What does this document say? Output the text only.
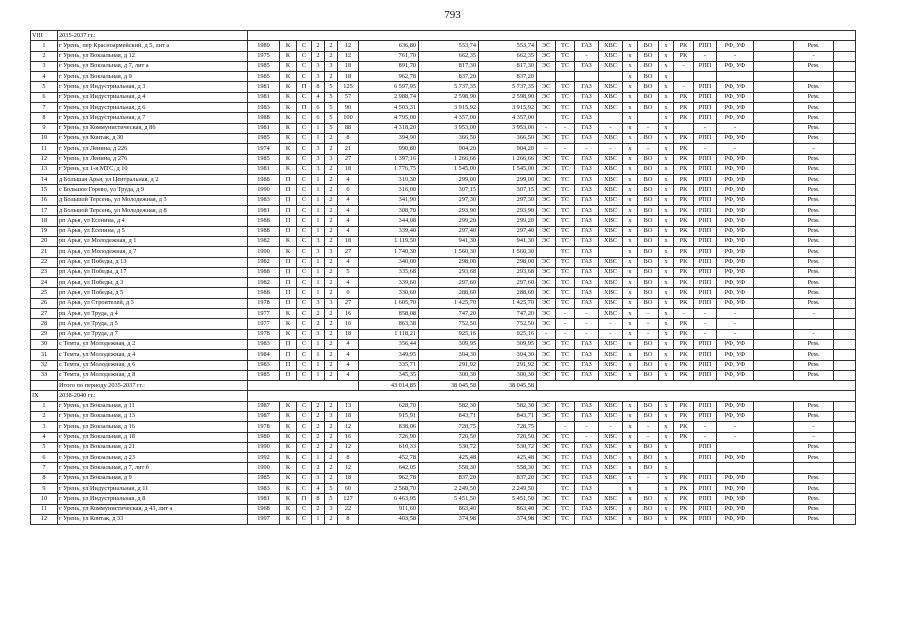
793
VIII	2035-2037 гг.:																						
1	г Урень, пер Красноармейский, д 5, лит а	1989	К	С	2	2	12	636,80	553,74	553,74	ЭС	ТС	ГАЗ	ХВС	х	ВО	х	РК	РПП	РФ, УФ		Рем.	
2	г Урень, ул Вокзальная, д 12	1975	К	С	2	2	12	761,70	662,35	662,35	ЭС	ТС	-	ХВС	х	ВО	х	РК	-	-		-	
3	г Урень, ул Вокзальная, д 7, лит а	1985	К	С	3	3	18	891,70	817,30	817,30	ЭС	ТС	ГАЗ	ХВС	х	ВО	х	-	РПП	РФ, УФ		Рем.	
4	г Урень, ул Вокзальная, д 9	1985	К	С	3	2	18	962,78	837,20	837,20					х	ВО	х						
5	г Урень, ул Индустриальная, д 3	1981	К	П	8	5	125	6 597,95	5 737,35	5 737,35	ЭС	ТС	ГАЗ	ХВС	х	ВО	х	-	РПП	РФ, УФ		Рем.	
6	г Урень, ул Индустриальная, д 4	1981	К	С	4	5	57	2 988,74	2 598,90	2 598,90	ЭС	ТС	ГАЗ	ХВС	х	ВО	х	РК	РПП	РФ, УФ		Рем.	
7	г Урень, ул Индустриальная, д 6	1983	К	П	6	5	90	4 503,31	3 915,92	3 915,92	ЭС	ТС	ГАЗ	ХВС	х	ВО	х	РК	РПП	РФ, УФ		Рем.	
8	г Урень, ул Индустриальная, д 7	1988	К	С	6	5	100	4 795,00	4 357,00	4 357,00		ТС	ГАЗ		х		х	РК	РПП	РФ, УФ		Рем.	
9	г Урень, ул Коммунистическая, д 86	1981	К	С	1	5	88	4 318,20	3 953,00	3 953,00	-	-	ГАЗ	-	х	-	х		-	-		Рем.	
10	г Урень, ул Контак, д 30	1985	К	С	1	2	8	394,90	366,50	366,50	ЭС	ТС	ГАЗ	ХВС	х	ВО	х	РК	РПП	РФ, УФ		Рем.	
11	г Урень, ул Ленина, д 226	1974	К	С	3	2	21	990,80	904,20	904,20	-	-	-	-	х	-	х	РК	-	-		-	
12	г Урень, ул Ленина, д 276	1985	К	С	3	3	27	1 397,16	1 266,66	1 266,66	ЭС	ТС	ГАЗ	ХВС	х	ВО	х	РК	РПП	РФ, УФ		Рем.	
13	г Урень, ул 1-я МТС, д 10	1981	К	С	3	2	18	1 776,75	1 545,00	1 545,00	ЭС	ТС	ГАЗ	ХВС	х	ВО	х	РК	РПП	РФ, УФ		Рем.	
14	д Большая Арья, ул Центральная, д 2	1988	П	С	1	2	4	310,30	299,00	299,00	ЭС	ТС	ГАЗ	ХВС	х	ВО	х	РК	РПП	РФ, УФ		Рем.	
15	с Большое Горево, ул Труда, д 9	1990	П	С	1	2	6	316,00	307,15	307,15	ЭС	ТС	ГАЗ	ХВС	х	ВО	х	РК	РПП	РФ, УФ		Рем.	
16	д Большой Терсень, ул Молодежная, д 3	1983	П	С	1	2	4	341,90	297,30	297,30	ЭС	ТС	ГАЗ	ХВС	х	ВО	х	РК	РПП	РФ, УФ		Рем.	
17	д Большой Терсень, ул Молодежная, д 8	1981	П	С	1	2	4	308,70	293,90	293,90	ЭС	ТС	ГАЗ	ХВС	х	ВО	х	РК	РПП	РФ, УФ		Рем.	
18	рп Арья, ул Есенина, д 4	1988	П	С	1	2	4	344,08	299,20	299,20	ЭС	ТС	ГАЗ	ХВС	х	ВО	х	РК	РПП	РФ, УФ		Рем.	
19	рп Арья, ул Есенина, д 5	1988	П	С	1	2	4	339,40	297,40	297,40	ЭС	ТС	ГАЗ	ХВС	х	ВО	х	РК	РПП	РФ, УФ		Рем.	
20	рп Арья, ул Молодежная, д 1	1982	К	С	3	2	18	1 119,50	941,30	941,30	ЭС	ТС	ГАЗ	ХВС	х	ВО	х	РК	РПП	РФ, УФ		Рем.	
21	рп Арья, ул Молодежная, д 7	1990	К	С	3	3	27	1 740,30	1 560,30	1 560,30		ТС	ГАЗ		х	ВО	х	РК	РПП	РФ, УФ		Рем.	
22	рп Арья, ул Победы, д 13	1982	П	С	1	2	4	340,00	298,00	298,00	ЭС	ТС	ГАЗ	ХВС	х	ВО	х	РК	РПП	РФ, УФ		Рем.	
23	рп Арья, ул Победы, д 17	1988	П	С	1	2	5	335,68	293,68	293,68	ЭС	ТС	ГАЗ	ХВС	х	ВО	х	РК	РПП	РФ, УФ		Рем.	
24	рп Арья, ул Победы, д 3	1982	П	С	1	2	4	339,60	297,60	297,60	ЭС	ТС	ГАЗ	ХВС	х	ВО	х	РК	РПП	РФ, УФ		Рем.	
25	рп Арья, ул Победы, д 5	1988	П	С	1	2	6	330,60	288,60	288,60	ЭС	ТС	ГАЗ	ХВС	х	ВО	х	РК	РПП	РФ, УФ		Рем.	
26	рп Арья, ул Строителей, д 3	1978	П	С	3	3	27	1 605,70	1 425,70	1 425,70	ЭС	ТС	ГАЗ	ХВС	х	ВО	х	РК	РПП	РФ, УФ		Рем.	
27	рп Арья, ул Труда, д 4	1977	К	С	2	2	16	858,08	747,20	747,20	ЭС	-	-	ХВС	х	-	х	-	-	-		-	
28	рп Арья, ул Труда, д 5	1977	К	С	2	2	16	863,38	752,50	752,50	ЭС	-	-	-	х	-	х	РК	-	-			
29	рп Арья, ул Труда, д 7	1978	К	С	3	2	18	1 118,21	925,16	925,16	-	-	-	-	х	-	х	РК	-	-		-	
30	с Темта, ул Молодежная, д 2	1983	П	С	1	2	4	356,44	309,95	309,95	ЭС	ТС	ГАЗ	ХВС	х	ВО	х	РК	РПП	РФ, УФ		Рем.	
31	с Темта, ул Молодежная, д 4	1984	П	С	1	2	4	349,95	304,30	304,30	ЭС	ТС	ГАЗ	ХВС	х	ВО	х	РК	РПП	РФ, УФ		Рем.	
32	с Темта, ул Молодежная, д 6	1983	П	С	1	2	4	335,71	291,92	291,92	ЭС	ТС	ГАЗ	ХВС	х	ВО	х	РК	РПП	РФ, УФ		Рем.	
33	с Темта, ул Молодежная, д 8	1985	П	С	1	2	4	345,35	300,30	300,30	ЭС	ТС	ГАЗ	ХВС	х	ВО	х	РК	РПП	РФ, УФ		Рем.	
	Итого по периоду 2035-2037 гг.:							43 014,85	38 045,58	38 045,58													
IX	2038-2040 гг.:																						
1	г Урень, ул Вокзальная, д 11	1987	К	С	2	2	13	628,70	582,30	582,30	ЭС	ТС	ГАЗ	ХВС	х	ВО	х	РК	РПП	РФ, УФ		Рем.	
2	г Урень, ул Вокзальная, д 13	1987	К	С	2	3	18	915,91	843,71	843,71	ЭС	ТС	ГАЗ	ХВС	х	ВО	х	РК	РПП	РФ, УФ		Рем.	
3	г Урень, ул Вокзальная, д 16	1978	К	С	2	2	12	838,06	728,75	728,75		-	-	-	х	-	х	РК	-	-		-	
4	г Урень, ул Вокзальная, д 18	1980	К	С	2	2	16	726,90	720,50	720,50	ЭС	ТС	-	ХВС	х	-	х	РК	-	-		-	
5	г Урень, ул Вокзальная, д 21	1990	К	С	2	2	12	610,33	530,72	530,72	ЭС	ТС	ГАЗ	ХВС	х	ВО	х		РПП			Рем.	
6	г Урень, ул Вокзальная, д 23	1992	К	С	1	2	8	452,78	425,48	425,48	ЭС	ТС	ГАЗ	ХВС	х	ВО	х		РПП	РФ, УФ		Рем.	
7	г Урень, ул Вокзальная, д 7, лит б	1990	К	С	2	2	12	642,05	558,30	558,30	ЭС	ТС	ГАЗ	ХВС	х	ВО	х						
8	г Урень, ул Вокзальная, д 9	1985	К	С	3	2	18	962,78	837,20	837,20	ЭС	ТС	ГАЗ	ХВС	х	-	х	РК	РПП	РФ, УФ		Рем.	
9	г Урень, ул Индустриальная, д 11	1983	К	С	4	5	60	2 568,70	2 249,50	2 249,50		ТС	ГАЗ		х		х	РК	РПП	РФ, УФ		Рем.	
10	г Урень, ул Индустриальная, д 8	1981	К	П	8	5	127	6 463,05	5 451,50	5 451,50	ЭС	ТС	ГАЗ	ХВС	х	ВО	х	РК	РПП	РФ, УФ		Рем.	
11	г Урень, ул Коммунистическая, д 43, лит а	1968	К	С	2	3	22	911,60	863,40	863,40	ЭС	ТС	ГАЗ	ХВС	х	ВО	х	РК	РПП	РФ, УФ		Рем.	
12	г Урень, ул Контак, д 33	1997	К	С	1	2	8	403,58	374,98	374,98	ЭС	ТС	ГАЗ	ХВС	х	ВО	х	РК	РПП	РФ, УФ		Рем.	
